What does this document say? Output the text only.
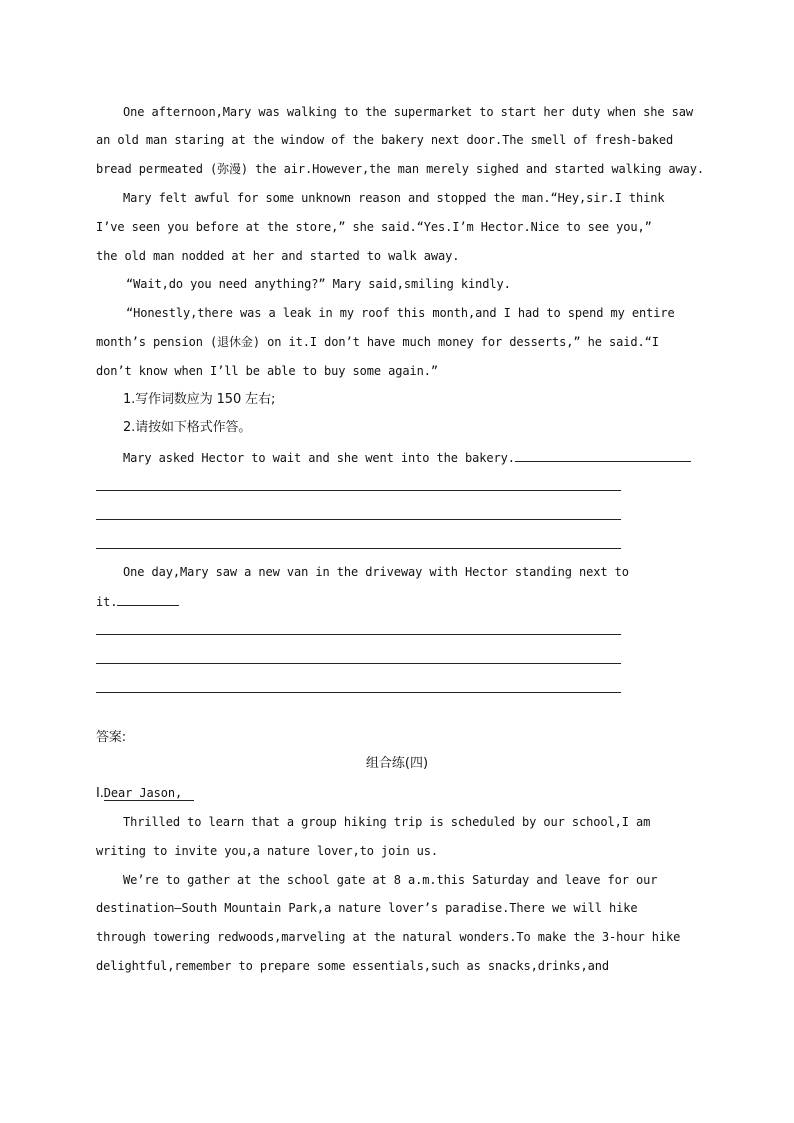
One afternoon,Mary was walking to the supermarket to start her duty when she saw
an old man staring at the window of the bakery next door.The smell of fresh-baked
bread permeated (弥漫) the air.However,the man merely sighed and started walking away.
Mary felt awful for some unknown reason and stopped the man.“Hey,sir.I think
I’ve seen you before at the store,” she said.“Yes.I’m Hector.Nice to see you,”
the old man nodded at her and started to walk away.
“Wait,do you need anything?” Mary said,smiling kindly.
“Honestly,there was a leak in my roof this month,and I had to spend my entire
month’s pension (退休金) on it.I don’t have much money for desserts,” he said.“I
don’t know when I’ll be able to buy some again.”
1.写作词数应为 150 左右;
2.请按如下格式作答。
Mary asked Hector to wait and she went into the bakery.
One day,Mary saw a new van in the driveway with Hector standing next to
it.
答案:
组合练(四)
Ⅰ.Dear Jason,
Thrilled to learn that a group hiking trip is scheduled by our school,I am
writing to invite you,a nature lover,to join us.
We’re to gather at the school gate at 8 a.m.this Saturday and leave for our
destination—South Mountain Park,a nature lover’s paradise.There we will hike
through towering redwoods,marveling at the natural wonders.To make the 3-hour hike
delightful,remember to prepare some essentials,such as snacks,drinks,and
